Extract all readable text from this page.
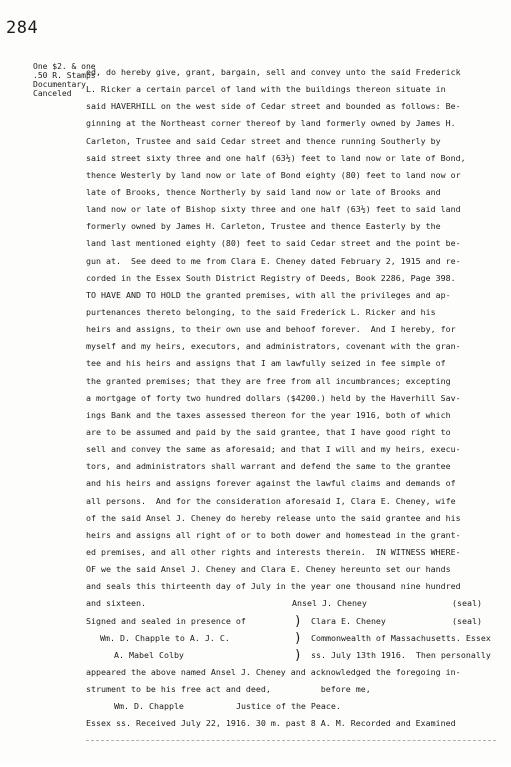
284
One $2. & one
.50 R. Stamps
Documentary
Canceled
ed, do hereby give, grant, bargain, sell and convey unto the said Frederick
L. Ricker a certain parcel of land with the buildings thereon situate in
said HAVERHILL on the west side of Cedar street and bounded as follows: Be-
ginning at the Northeast corner thereof by land formerly owned by James H.
Carleton, Trustee and said Cedar street and thence running Southerly by
said street sixty three and one half (63½) feet to land now or late of Bond,
thence Westerly by land now or late of Bond eighty (80) feet to land now or
late of Brooks, thence Northerly by said land now or late of Brooks and
land now or late of Bishop sixty three and one half (63½) feet to said land
formerly owned by James H. Carleton, Trustee and thence Easterly by the
land last mentioned eighty (80) feet to said Cedar street and the point be-
gun at.  See deed to me from Clara E. Cheney dated February 2, 1915 and re-
corded in the Essex South District Registry of Deeds, Book 2286, Page 398.
TO HAVE AND TO HOLD the granted premises, with all the privileges and ap-
purtenances thereto belonging, to the said Frederick L. Ricker and his
heirs and assigns, to their own use and behoof forever.  And I hereby, for
myself and my heirs, executors, and administrators, covenant with the gran-
tee and his heirs and assigns that I am lawfully seized in fee simple of
the granted premises; that they are free from all incumbrances; excepting
a mortgage of forty two hundred dollars ($4200.) held by the Haverhill Sav-
ings Bank and the taxes assessed thereon for the year 1916, both of which
are to be assumed and paid by the said grantee, that I have good right to
sell and convey the same as aforesaid; and that I will and my heirs, execu-
tors, and administrators shall warrant and defend the same to the grantee
and his heirs and assigns forever against the lawful claims and demands of
all persons.  And for the consideration aforesaid I, Clara E. Cheney, wife
of the said Ansel J. Cheney do hereby release unto the said grantee and his
heirs and assigns all right of or to both dower and homestead in the grant-
ed premises, and all other rights and interests therein.  IN WITNESS WHERE-
OF we the said Ansel J. Cheney and Clara E. Cheney hereunto set our hands
and seals this thirteenth day of July in the year one thousand nine hundred

and sixteen.

	Ansel J. Cheney

	(seal)

Signed and sealed in presence of

	)

Clara E. Cheney

	(seal)

Wm. D. Chapple to A. J. C.

	)

Commonwealth of Massachusetts. Essex

A. Mabel Colby

	)

ss. July 13th 1916.  Then personally

appeared the above named Ansel J. Cheney and acknowledged the foregoing in-
strument to be his free act and deed,          before me,

Wm. D. Chapple

	Justice of the Peace.

Essex ss. Received July 22, 1916. 30 m. past 8 A. M. Recorded and Examined
